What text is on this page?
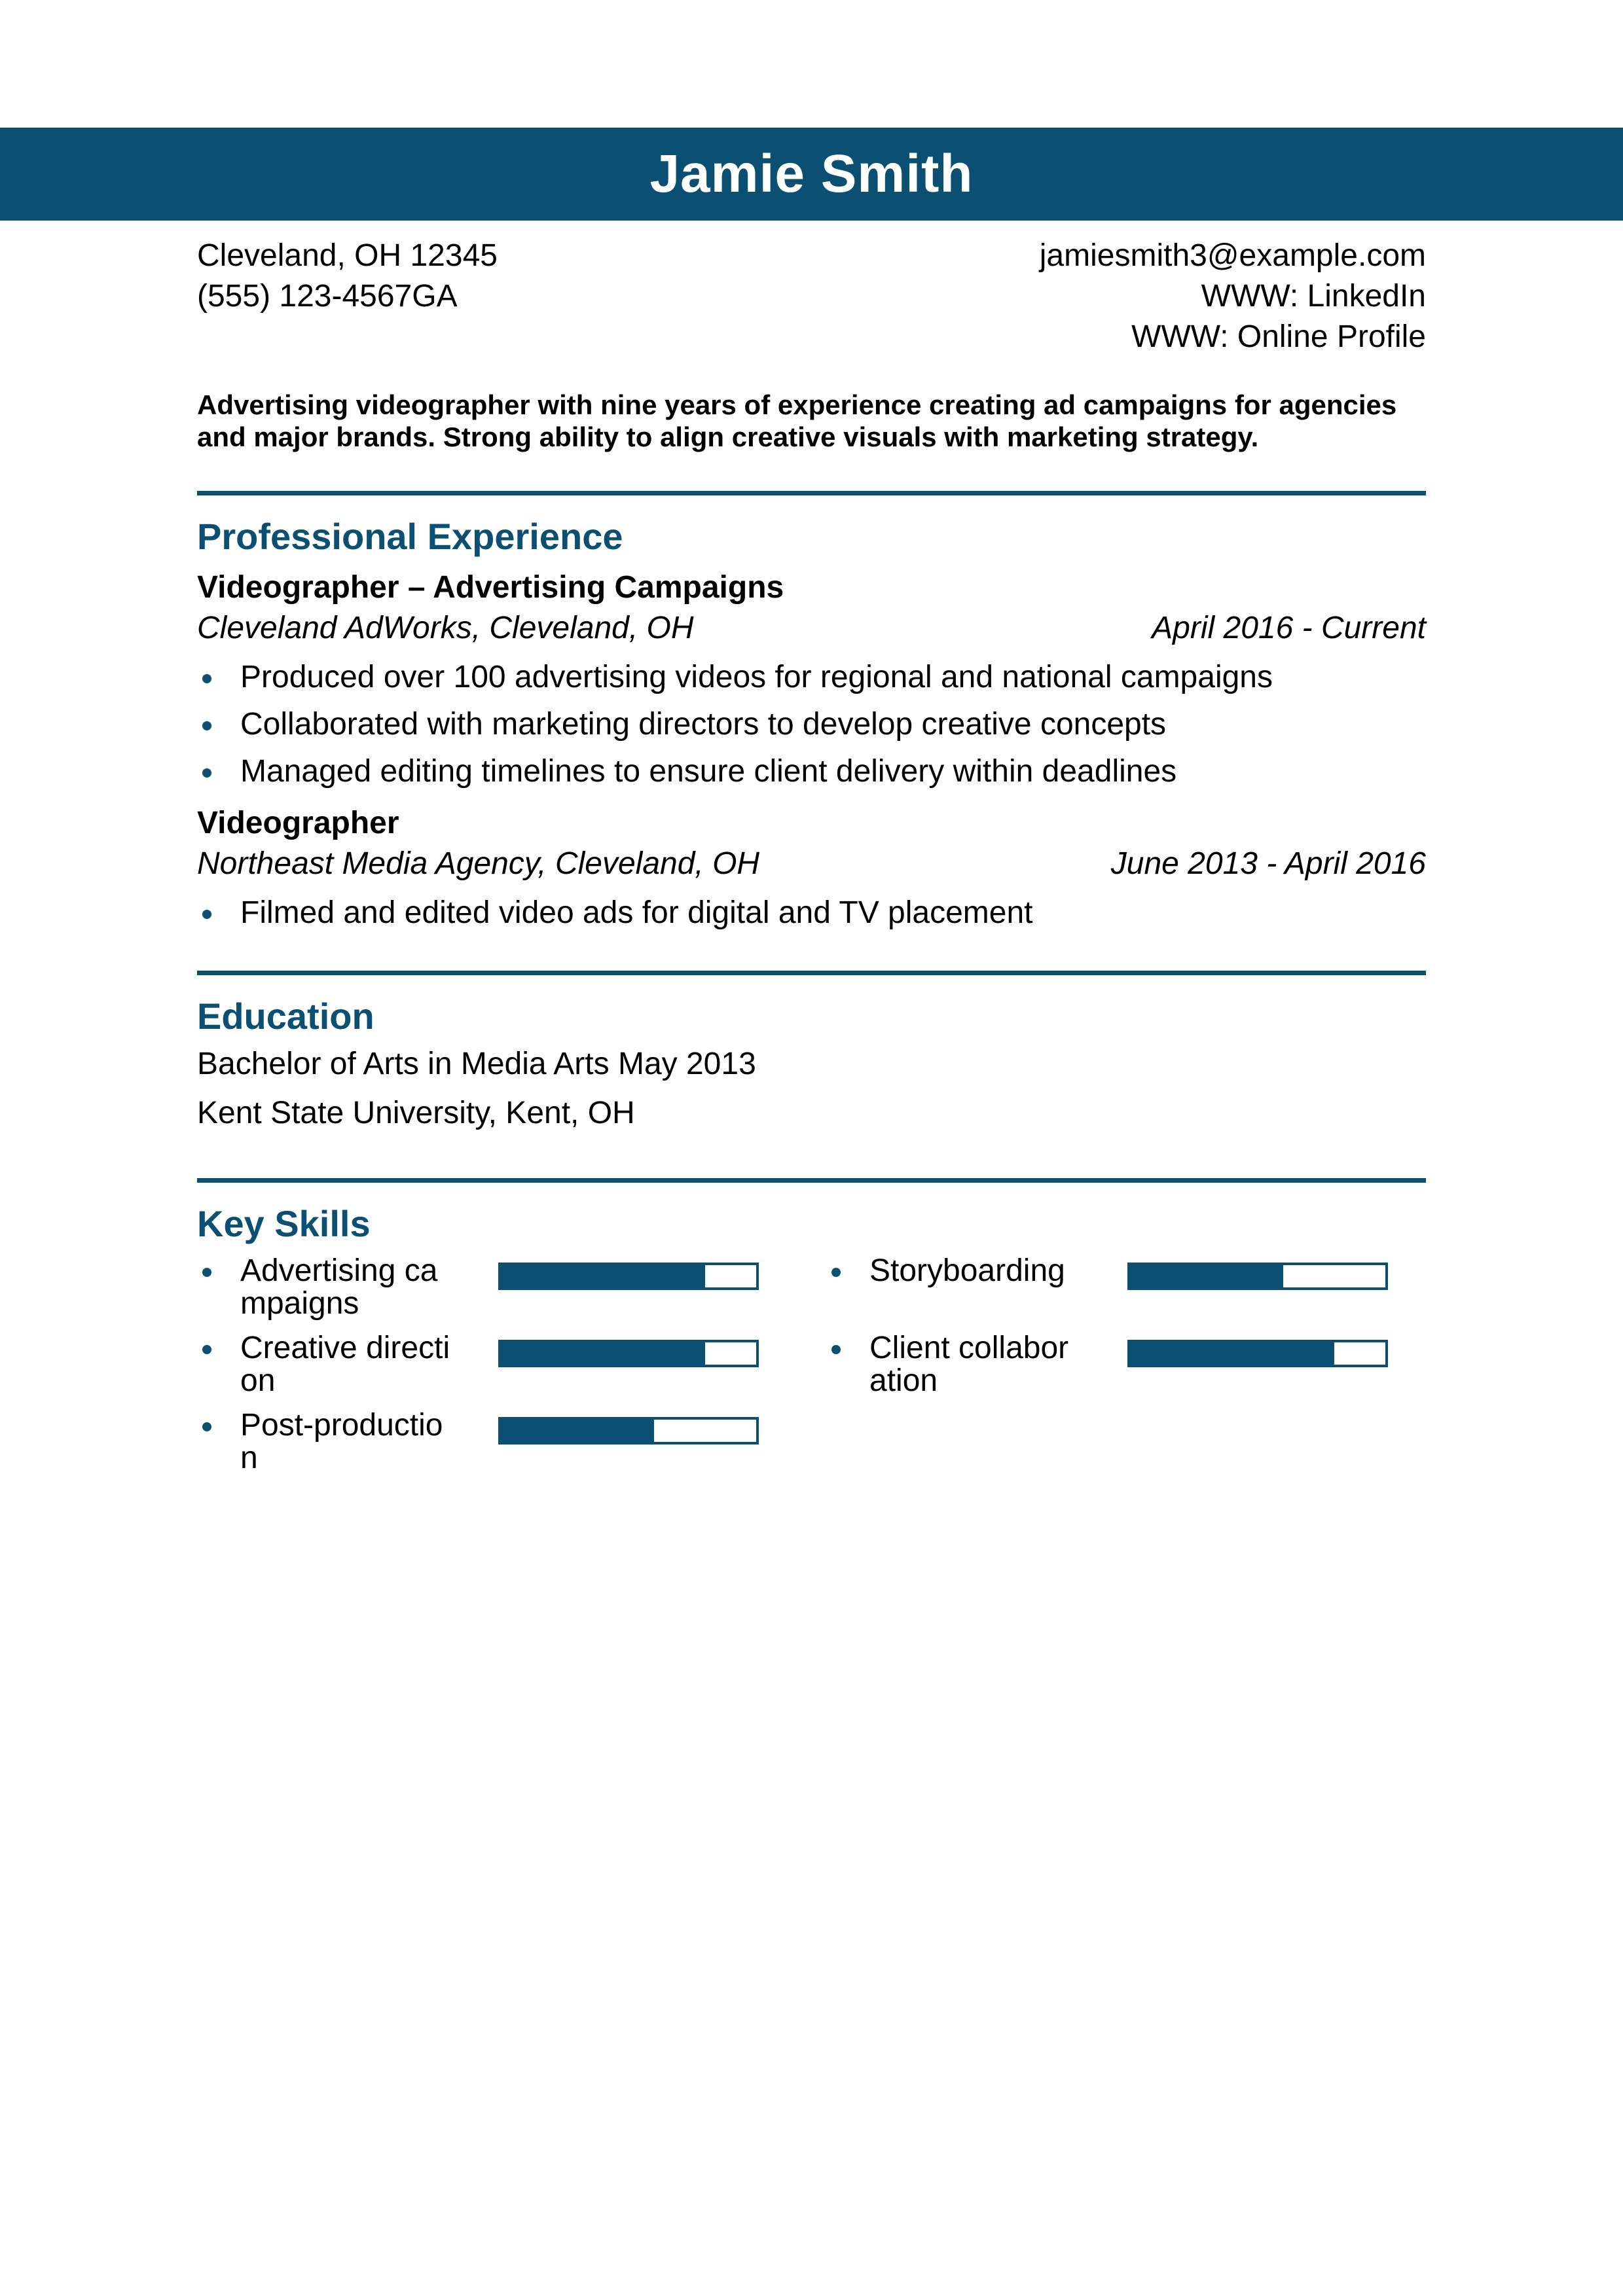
Jamie Smith
Cleveland, OH 12345
(555) 123-4567GA
jamiesmith3@example.com
WWW: LinkedIn
WWW: Online Profile
Advertising videographer with nine years of experience creating ad campaigns for agencies and major brands. Strong ability to align creative visuals with marketing strategy.
Professional Experience
Videographer – Advertising Campaigns
Cleveland AdWorks, Cleveland, OH	April 2016 - Current
Produced over 100 advertising videos for regional and national campaigns
Collaborated with marketing directors to develop creative concepts
Managed editing timelines to ensure client delivery within deadlines
Videographer
Northeast Media Agency, Cleveland, OH	June 2013 - April 2016
Filmed and edited video ads for digital and TV placement
Education
Bachelor of Arts in Media Arts May 2013
Kent State University, Kent, OH
Key Skills
Advertising campaigns
Storyboarding
Creative direction
Client collaboration
Post-production
